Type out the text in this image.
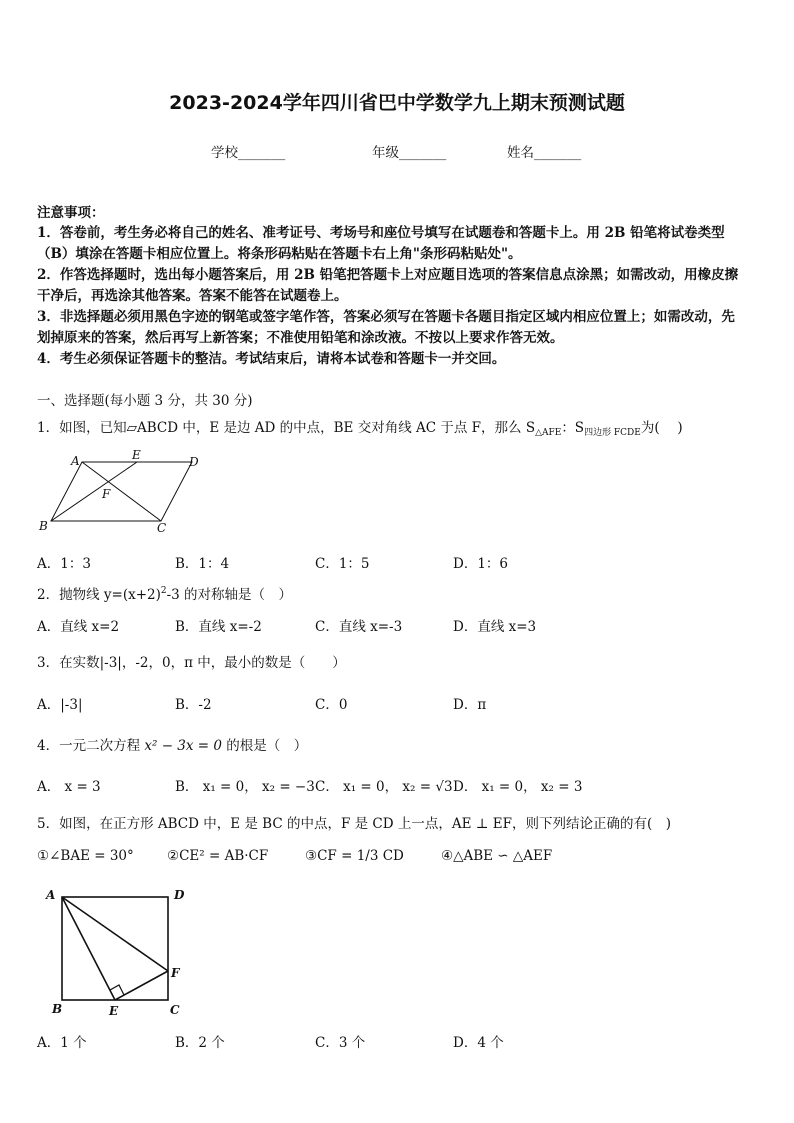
2023-2024学年四川省巴中学数学九上期末预测试题
学校_______	年级_______	姓名_______
注意事项：
1．答卷前，考生务必将自己的姓名、准考证号、考场号和座位号填写在试题卷和答题卡上。用 2B 铅笔将试卷类型
（B）填涂在答题卡相应位置上。将条形码粘贴在答题卡右上角"条形码粘贴处"。
2．作答选择题时，选出每小题答案后，用 2B 铅笔把答题卡上对应题目选项的答案信息点涂黑；如需改动，用橡皮擦
干净后，再选涂其他答案。答案不能答在试题卷上。
3．非选择题必须用黑色字迹的钢笔或签字笔作答，答案必须写在答题卡各题目指定区域内相应位置上；如需改动，先
划掉原来的答案，然后再写上新答案；不准使用铅笔和涂改液。不按以上要求作答无效。
4．考生必须保证答题卡的整洁。考试结束后，请将本试卷和答题卡一并交回。
一、选择题(每小题 3 分，共 30 分)
1．如图，已知▱ABCD 中，E 是边 AD 的中点，BE 交对角线 AC 于点 F，那么 $S_{\triangle AFE}$：$S_{四边形 FCDE}$为(　 )
A	E	D
F
B	C
A．1：3	B．1：4	C．1：5	D．1：6
2．抛物线 $y=(x+2)^2-3$ 的对称轴是（　）
A．直线 x=2	B．直线 x=-2	C．直线 x=-3	D．直线 x=3
3．在实数|-3|，-2，0，π 中，最小的数是（　　）
A．|-3|	B．-2	C．0	D．π
4．一元二次方程 x² − 3x = 0 的根是（　）
A． x = 3	B． x₁ = 0， x₂ = −3 C． x₁ = 0， x₂ = √3 D． x₁ = 0， x₂ = 3
5．如图，在正方形 ABCD 中，E 是 BC 的中点，F 是 CD 上一点，AE ⊥ EF，则下列结论正确的有(　)
①∠BAE = 30° ②CE² = AB·CF	③CF = 1/3 CD	④△ABE ∽ △AEF
A	D
F
B	E	C
A．1 个	B．2 个	C．3 个	D．4 个
